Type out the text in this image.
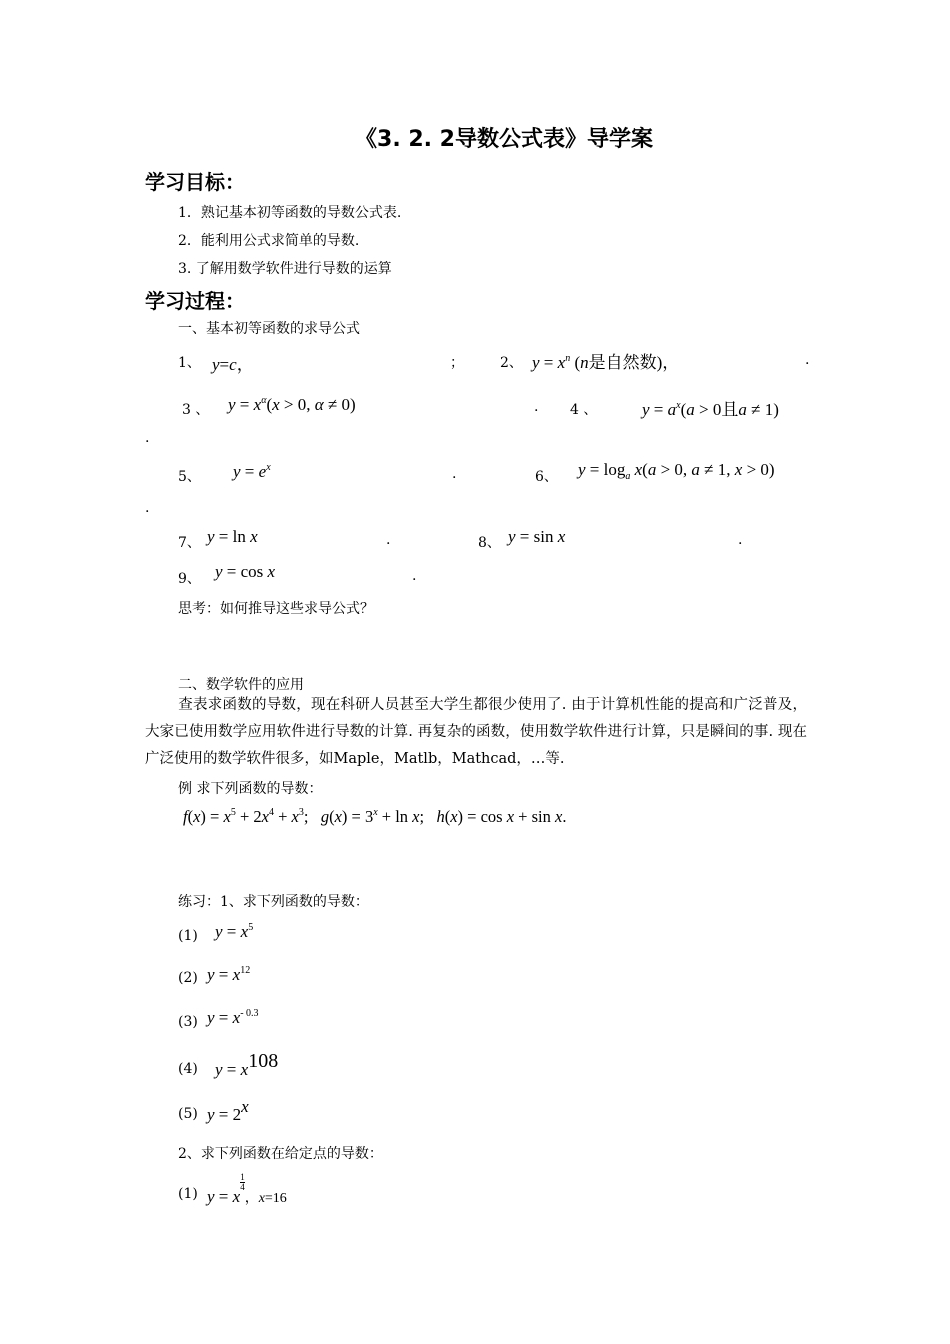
《3. 2. 2导数公式表》导学案
学习目标：
1．熟记基本初等函数的导数公式表.
2．能利用公式求简单的导数.
3. 了解用数学软件进行导数的运算
学习过程：
一、基本初等函数的求导公式
1、 y=c，	；	2、 $y = x^n$ (n是自然数)，	.
3 、 $y = x^\alpha(x > 0$, α ≠ 0)	. 4 、	$y = a^x(a > 0$且a ≠ 1)
.
5、 $y = e^x$	.	6、 $y = \log_a x(a > 0$, a ≠ 1, x > 0)
.
7、 y = ln x	.	8、 y = sin x	.
9、 y = cos x	.
思考：如何推导这些求导公式？
二、数学软件的应用
查表求函数的导数，现在科研人员甚至大学生都很少使用了. 由于计算机性能的提高和广泛普及，大家已使用数学应用软件进行导数的计算. 再复杂的函数，使用数学软件进行计算，只是瞬间的事. 现在广泛使用的数学软件很多，如Maple，Matlb，Mathcad，…等.
例 求下列函数的导数：
$f(x) = x^5 + 2x^4 + x^3$;   $g(x) = 3^x + \ln x$;   h(x) = cos x + sin x.
练习：1、求下列函数的导数：
(1) $y = x^5$
(2) $y = x^{12}$
(3) $y = x^{- 0.3}$
(4) y = x108
(5) y = 2x
2、求下列函数在给定点的导数：
(1) y = x
$\frac{1}{4}$
，x=16
